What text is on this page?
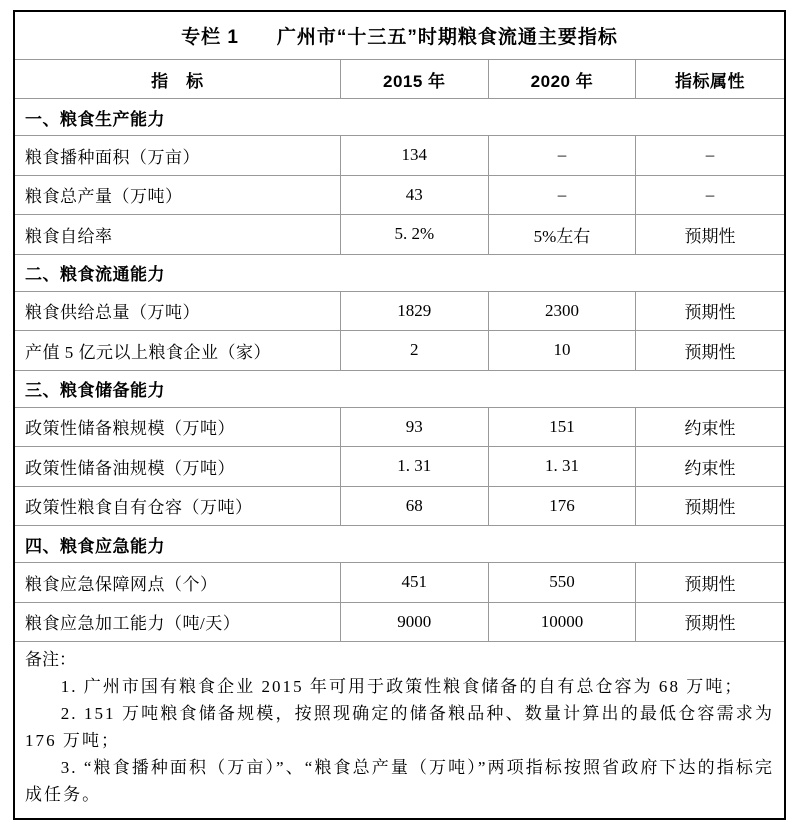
专栏 1 广州市“十三五”时期粮食流通主要指标
指　标	2015 年	2020 年	指标属性
一、粮食生产能力			
粮食播种面积（万亩）	134	–	–
粮食总产量（万吨）	43	–	–
粮食自给率	5. 2%	5%左右	预期性
二、粮食流通能力			
粮食供给总量（万吨）	1829	2300	预期性
产值 5 亿元以上粮食企业（家）	2	10	预期性
三、粮食储备能力			
政策性储备粮规模（万吨）	93	151	约束性
政策性储备油规模（万吨）	1. 31	1. 31	约束性
政策性粮食自有仓容（万吨）	68	176	预期性
四、粮食应急能力			
粮食应急保障网点（个）	451	550	预期性
粮食应急加工能力（吨/天）	9000	10000	预期性

备注：

1. 广州市国有粮食企业 2015 年可用于政策性粮食储备的自有总仓容为 68 万吨；

2. 151 万吨粮食储备规模，按照现确定的储备粮品种、数量计算出的最低仓容需求为 176 万吨；

3. “粮食播种面积（万亩）”、“粮食总产量（万吨）”两项指标按照省政府下达的指标完成任务。
